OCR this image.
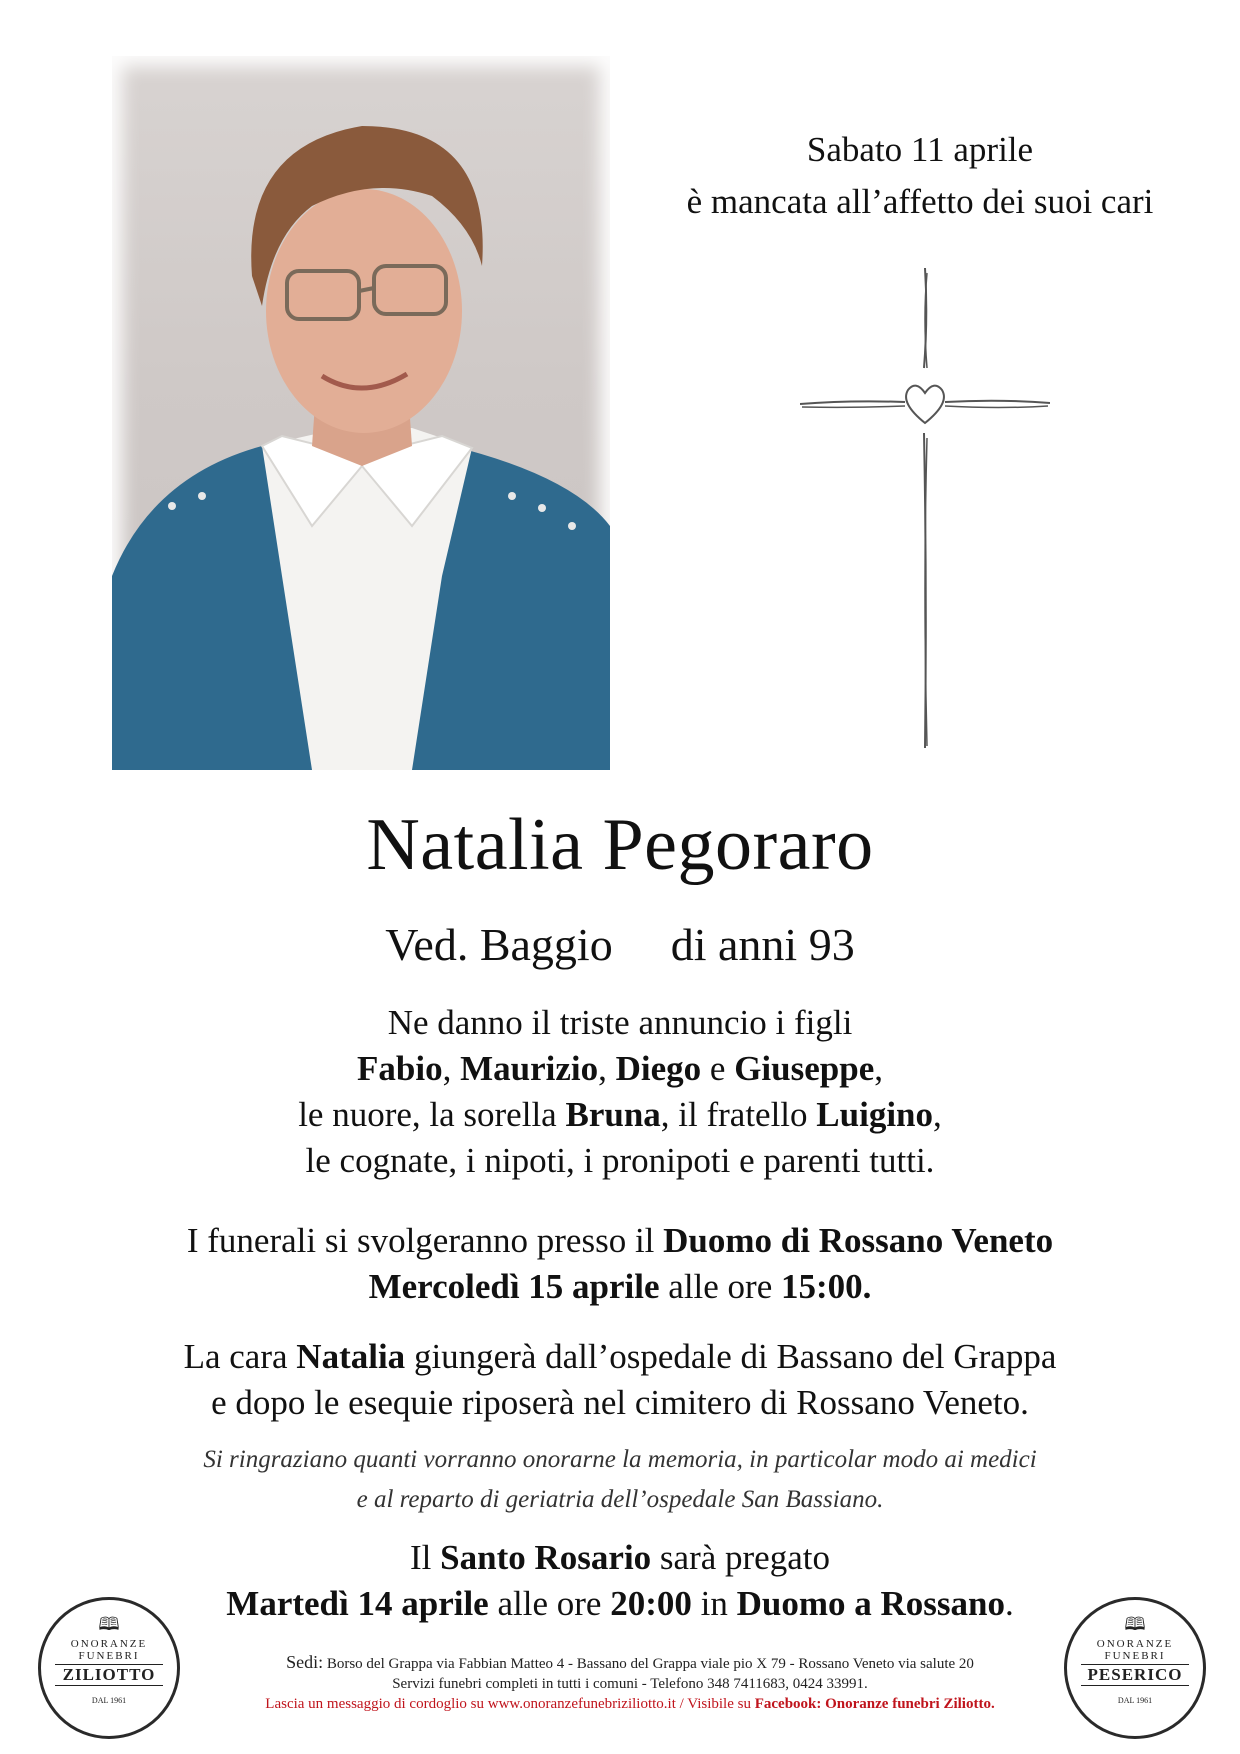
Sabato 11 aprile
è mancata all’affetto dei suoi cari
Natalia Pegoraro
Ved. Baggio di anni 93
Ne danno il triste annuncio i figli
Fabio, Maurizio, Diego e Giuseppe,
le nuore, la sorella Bruna, il fratello Luigino,
le cognate, i nipoti, i pronipoti e parenti tutti.
I funerali si svolgeranno presso il Duomo di Rossano Veneto
Mercoledì 15 aprile alle ore 15:00.
La cara Natalia giungerà dall’ospedale di Bassano del Grappa
e dopo le esequie riposerà nel cimitero di Rossano Veneto.
Si ringraziano quanti vorranno onorarne la memoria, in particolar modo ai medici
e al reparto di geriatria dell’ospedale San Bassiano.
Il Santo Rosario sarà pregato
Martedì 14 aprile alle ore 20:00 in Duomo a Rossano.
🕮
ONORANZE
FUNEBRI
ZILIOTTO
DAL 1961
🕮
ONORANZE
FUNEBRI
PESERICO
DAL 1961
Sedi: Borso del Grappa via Fabbian Matteo 4 - Bassano del Grappa viale pio X 79 - Rossano Veneto via salute 20
Servizi funebri completi in tutti i comuni - Telefono 348 7411683, 0424 33991.
Lascia un messaggio di cordoglio su www.onoranzefunebriziliotto.it / Visibile su Facebook: Onoranze funebri Ziliotto.
